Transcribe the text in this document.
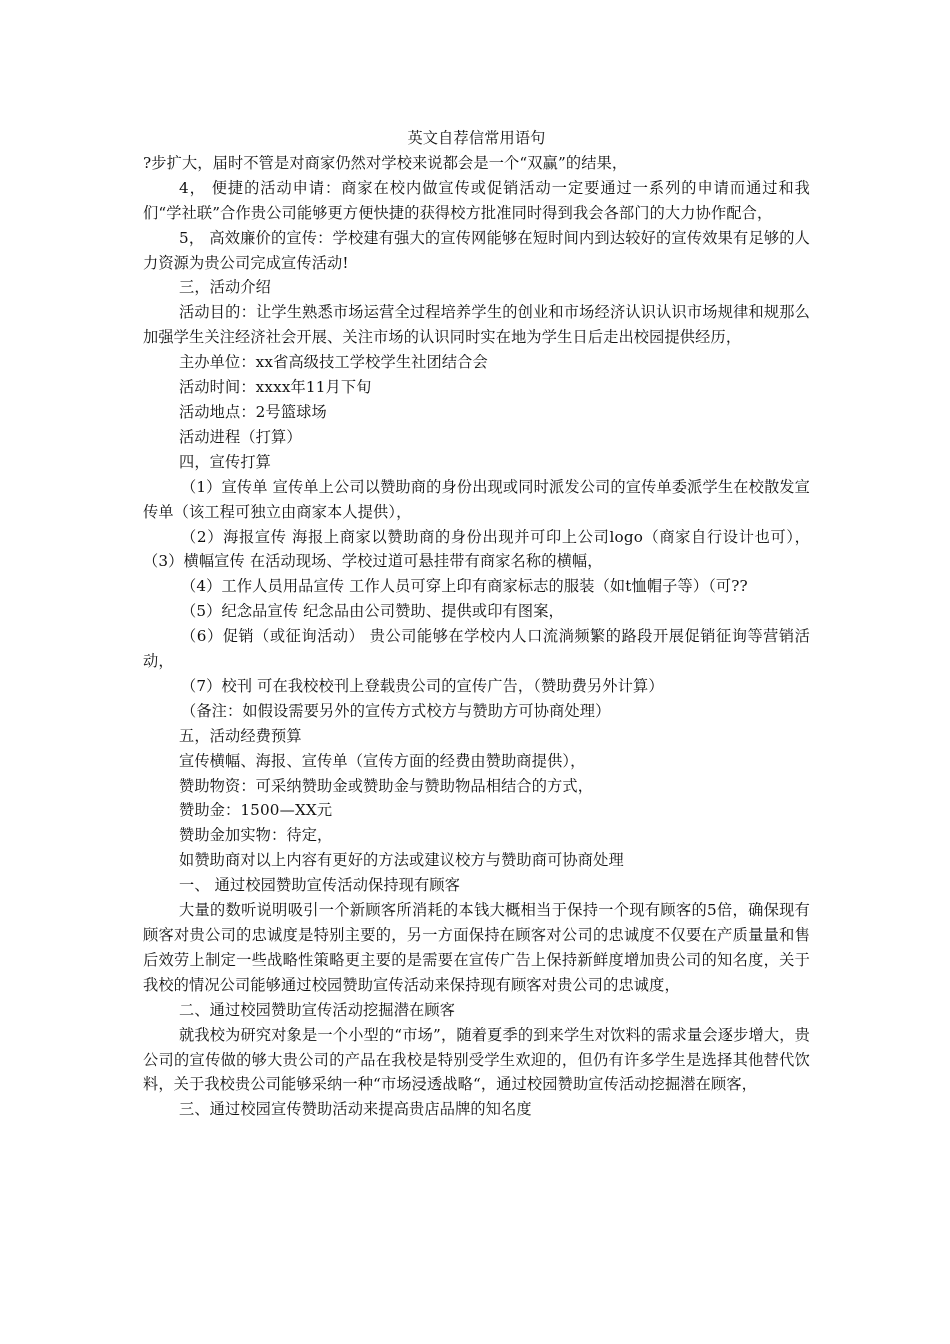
英文自荐信常用语句

?步扩大，届时不管是对商家仍然对学校来说都会是一个“双赢”的结果，

4， 便捷的活动申请：商家在校内做宣传或促销活动一定要通过一系列的申请而通过和我们“学社联”合作贵公司能够更方便快捷的获得校方批准同时得到我会各部门的大力协作配合，

5， 高效廉价的宣传：学校建有强大的宣传网能够在短时间内到达较好的宣传效果有足够的人力资源为贵公司完成宣传活动!

三，活动介绍

活动目的：让学生熟悉市场运营全过程培养学生的创业和市场经济认识认识市场规律和规那么加强学生关注经济社会开展、关注市场的认识同时实在地为学生日后走出校园提供经历，

主办单位：xx省高级技工学校学生社团结合会

活动时间：xxxx年11月下旬

活动地点：2号篮球场

活动进程（打算）

四，宣传打算

（1）宣传单 宣传单上公司以赞助商的身份出现或同时派发公司的宣传单委派学生在校散发宣传单（该工程可独立由商家本人提供），

（2）海报宣传 海报上商家以赞助商的身份出现并可印上公司logo（商家自行设计也可）， （3）横幅宣传 在活动现场、学校过道可悬挂带有商家名称的横幅，

（4）工作人员用品宣传 工作人员可穿上印有商家标志的服装（如t恤帽子等）（可??

（5）纪念品宣传 纪念品由公司赞助、提供或印有图案，

（6）促销（或征询活动） 贵公司能够在学校内人口流淌频繁的路段开展促销征询等营销活动，

（7）校刊 可在我校校刊上登载贵公司的宣传广告，（赞助费另外计算）

（备注：如假设需要另外的宣传方式校方与赞助方可协商处理）

五，活动经费预算

宣传横幅、海报、宣传单（宣传方面的经费由赞助商提供），

赞助物资：可采纳赞助金或赞助金与赞助物品相结合的方式，

赞助金：1500—XX元

赞助金加实物：待定，

如赞助商对以上内容有更好的方法或建议校方与赞助商可协商处理

一、 通过校园赞助宣传活动保持现有顾客

大量的数听说明吸引一个新顾客所消耗的本钱大概相当于保持一个现有顾客的5倍，确保现有顾客对贵公司的忠诚度是特别主要的，另一方面保持在顾客对公司的忠诚度不仅要在产质量量和售后效劳上制定一些战略性策略更主要的是需要在宣传广告上保持新鲜度增加贵公司的知名度，关于我校的情况公司能够通过校园赞助宣传活动来保持现有顾客对贵公司的忠诚度，

二、通过校园赞助宣传活动挖掘潜在顾客

就我校为研究对象是一个小型的“市场”，随着夏季的到来学生对饮料的需求量会逐步增大，贵公司的宣传做的够大贵公司的产品在我校是特别受学生欢迎的，但仍有许多学生是选择其他替代饮料，关于我校贵公司能够采纳一种“市场浸透战略“，通过校园赞助宣传活动挖掘潜在顾客，

三、通过校园宣传赞助活动来提高贵店品牌的知名度
